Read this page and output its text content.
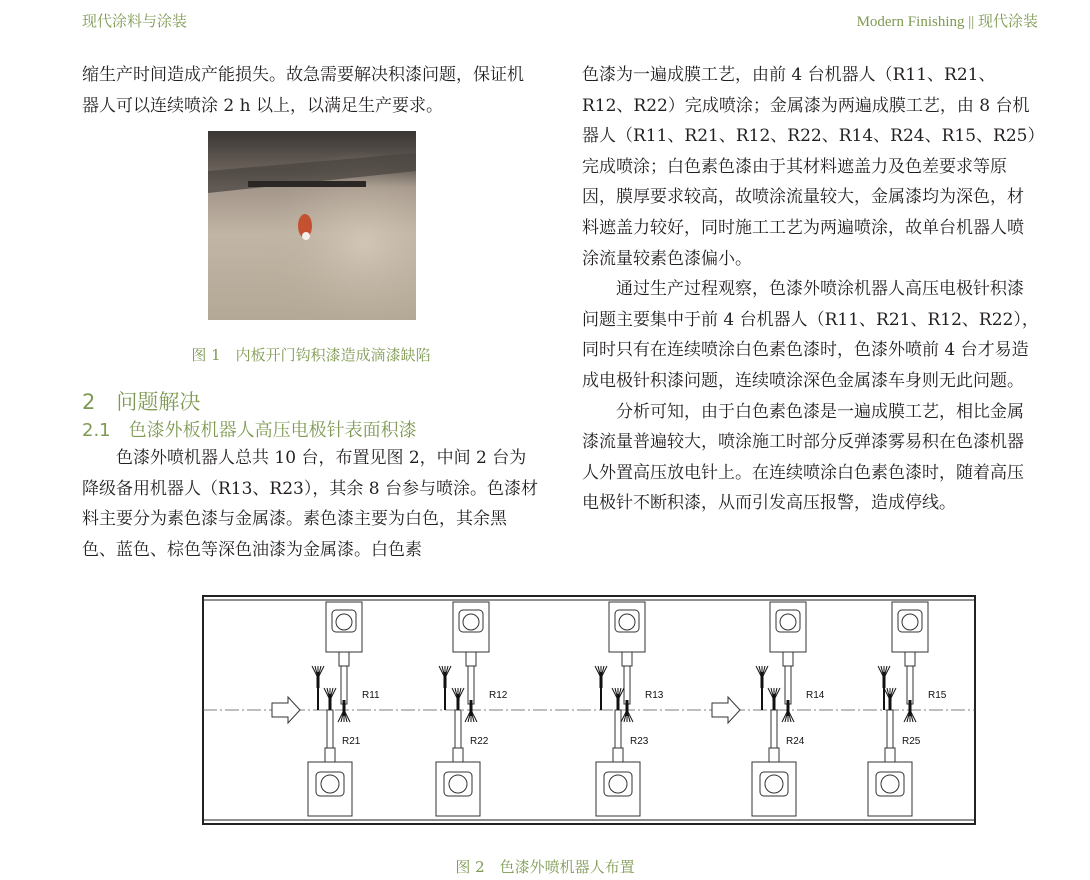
现代涂料与涂装	Modern Finishing || 现代涂装

缩生产时间造成产能损失。故急需要解决积漆问题，保证机器人可以连续喷涂 2 h 以上，以满足生产要求。

图 1　内板开门钩积漆造成滴漆缺陷
2　问题解决
2.1　色漆外板机器人高压电极针表面积漆

色漆外喷机器人总共 10 台，布置见图 2，中间 2 台为降级备用机器人（R13、R23），其余 8 台参与喷涂。色漆材料主要分为素色漆与金属漆。素色漆主要为白色，其余黑色、蓝色、棕色等深色油漆为金属漆。白色素

色漆为一遍成膜工艺，由前 4 台机器人（R11、R21、R12、R22）完成喷涂；金属漆为两遍成膜工艺，由 8 台机器人（R11、R21、R12、R22、R14、R24、R15、R25）完成喷涂；白色素色漆由于其材料遮盖力及色差要求等原因，膜厚要求较高，故喷涂流量较大，金属漆均为深色，材料遮盖力较好，同时施工工艺为两遍喷涂，故单台机器人喷涂流量较素色漆偏小。

通过生产过程观察，色漆外喷涂机器人高压电极针积漆问题主要集中于前 4 台机器人（R11、R21、R12、R22），同时只有在连续喷涂白色素色漆时，色漆外喷前 4 台才易造成电极针积漆问题，连续喷涂深色金属漆车身则无此问题。

分析可知，由于白色素色漆是一遍成膜工艺，相比金属漆流量普遍较大，喷涂施工时部分反弹漆雾易积在色漆机器人外置高压放电针上。在连续喷涂白色素色漆时，随着高压电极针不断积漆，从而引发高压报警，造成停线。

R11	R12	R13	R14	R15
R21	R22	R23	R24	R25
图 2　色漆外喷机器人布置
